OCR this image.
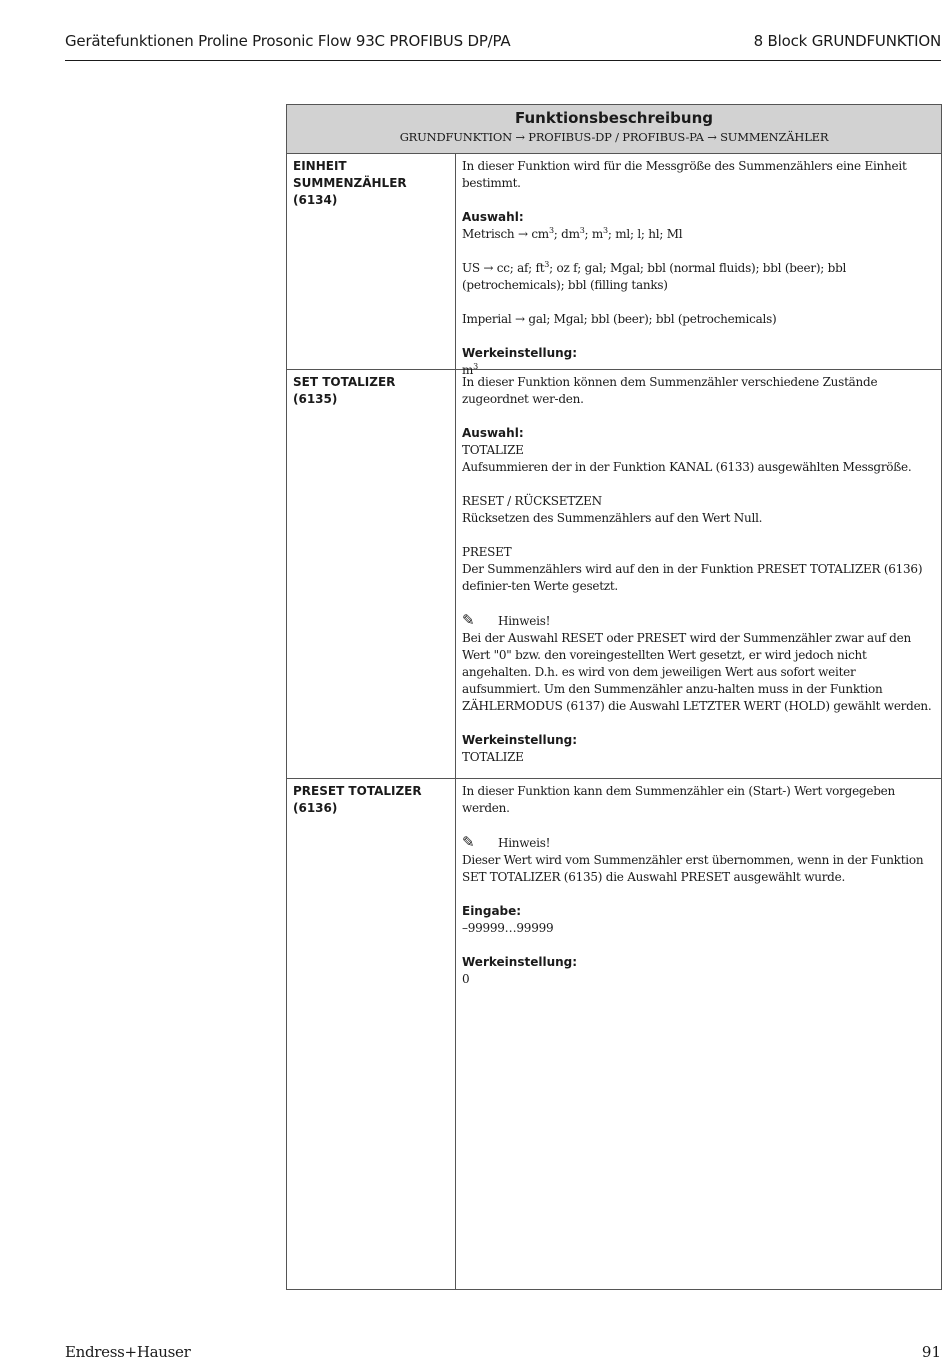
Gerätefunktionen Proline Prosonic Flow 93C PROFIBUS DP/PA	8 Block GRUNDFUNKTION
Funktionsbeschreibung
GRUNDFUNKTION → PROFIBUS-DP / PROFIBUS-PA → SUMMENZÄHLER
EINHEIT
SUMMENZÄHLER
(6134)

In dieser Funktion wird für die Messgröße des Summenzählers eine Einheit bestimmt.

Auswahl:
Metrisch → $cm^3$; $dm^3$; $m^3$; ml; l; hl; Ml

US → cc; af; $ft^3$; oz f; gal; Mgal; bbl (normal fluids); bbl (beer); bbl (petrochemicals); bbl (filling tanks)

Imperial → gal; Mgal; bbl (beer); bbl (petrochemicals)

Werkeinstellung:
$m^3$

SET TOTALIZER
(6135)

In dieser Funktion können dem Summenzähler verschiedene Zustände zugeordnet wer-den.

Auswahl:
TOTALIZE
Aufsummieren der in der Funktion KANAL (6133) ausgewählten Messgröße.

RESET / RÜCKSETZEN
Rücksetzen des Summenzählers auf den Wert Null.

PRESET
Der Summenzählers wird auf den in der Funktion PRESET TOTALIZER (6136) definier-ten Werte gesetzt.

✎ Hinweis!
Bei der Auswahl RESET oder PRESET wird der Summenzähler zwar auf den Wert "0" bzw. den voreingestellten Wert gesetzt, er wird jedoch nicht angehalten. D.h. es wird von dem jeweiligen Wert aus sofort weiter aufsummiert. Um den Summenzähler anzu-halten muss in der Funktion ZÄHLERMODUS (6137) die Auswahl LETZTER WERT (HOLD) gewählt werden.

Werkeinstellung:
TOTALIZE

PRESET TOTALIZER
(6136)

In dieser Funktion kann dem Summenzähler ein (Start-) Wert vorgegeben werden.

✎ Hinweis!
Dieser Wert wird vom Summenzähler erst übernommen, wenn in der Funktion SET TOTALIZER (6135) die Auswahl PRESET ausgewählt wurde.

Eingabe:
–99999…99999

Werkeinstellung:
0

Endress+Hauser	91
